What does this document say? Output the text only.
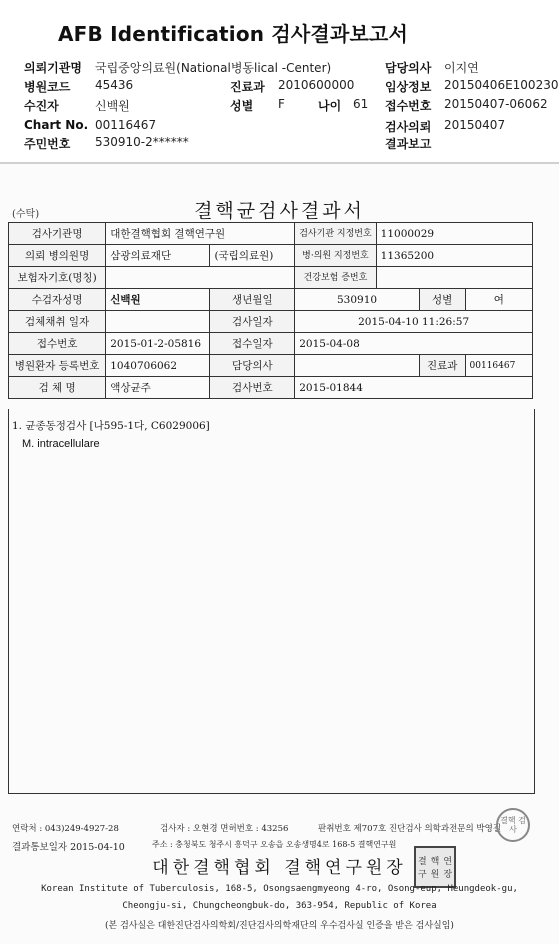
AFB Identification 검사결과보고서
의뢰기관명 국립중앙의료원(National병동lical -Center)	담당의사 이지연
병원코드 45436	진료과 2010600000	임상정보 20150406E100230
수진자	신백원	성별 F	나이 61 접수번호 20150407-06062
Chart No. 00116467	검사의뢰 20150407
주민번호 530910-2******	결과보고
(수탁)	결핵균검사결과서
검사기관명	대한결핵협회 결핵연구원		검사기관 지정번호	11000029		
의뢰 병의원명	삼광의료재단	(국립의료원)	병·의원 지정번호	11365200		
보험자기호(명칭)			건강보험 증번호			
수검자성명	신백원	생년월일	530910		성별	여
검체채취 일자		검사일자	2015-04-10 11:26:57			
접수번호	2015-01-2-05816	접수일자	2015-04-08			
병원환자 등록번호	1040706062	담당의사			진료과	00116467
검 체 명	액상균주	검사번호	2015-01844			
1. 균종동정검사 [나595-1다, C6029006]
M. intracellulare
연락처 : 043)249-4927-28	검사자 : 오현경 면허번호 : 43256	판취번호 제707호 진단검사 의학과전문의 박영길
결과통보일자 2015-04-10	주소 : 충청북도 청주시 흥덕구 오송읍 오송생명4로 168-5 결핵연구원
결핵 검사
대한결핵협회 결핵연구원장	결 핵 연
구 원 장
Korean Institute of Tuberculosis, 168-5, Osongsaengmyeong 4-ro, Osong-eup, Heungdeok-gu,
Cheongju-si, Chungcheongbuk-do, 363-954, Republic of Korea
(본 검사실은 대한진단검사의학회/진단검사의학재단의 우수검사실 인증을 받은 검사실임)
